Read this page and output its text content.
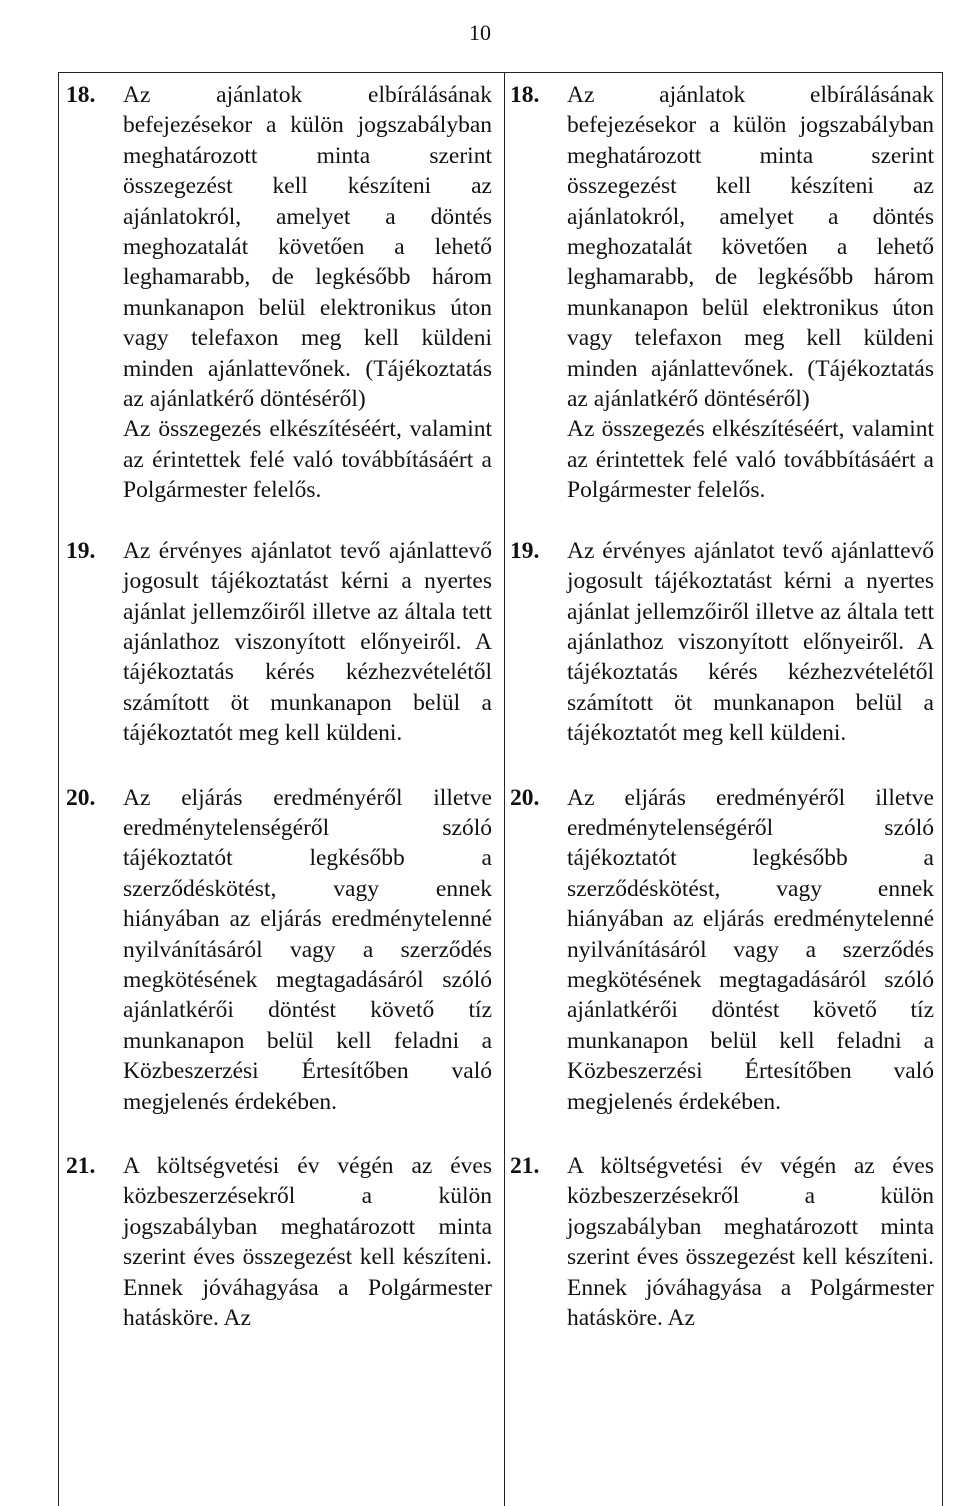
10
18.	Az ajánlatok elbírálásának befejezésekor a külön jogszabályban meghatározott minta szerint összegezést kell készíteni az ajánlatokról, amelyet a döntés meghozatalát követően a lehető leghamarabb, de legkésőbb három munkanapon belül elektronikus úton vagy telefaxon meg kell küldeni minden ajánlattevőnek. (Tájékoztatás az ajánlatkérő döntéséről)

Az összegezés elkészítéséért, valamint az érintettek felé való továbbításáért a Polgármester felelős.

19.	Az érvényes ajánlatot tevő ajánlattevő jogosult tájékoztatást kérni a nyertes ajánlat jellemzőiről illetve az általa tett ajánlathoz viszonyított előnyeiről. A tájékoztatás kérés kézhezvételétől számított öt munkanapon belül a tájékoztatót meg kell küldeni.

20.	Az eljárás eredményéről illetve eredménytelenségéről szóló tájékoztatót legkésőbb a szerződéskötést, vagy ennek hiányában az eljárás eredménytelenné nyilvánításáról vagy a szerződés megkötésének megtagadásáról szóló ajánlatkérői döntést követő tíz munkanapon belül kell feladni a Közbeszerzési Értesítőben való megjelenés érdekében.

21.	A költségvetési év végén az éves közbeszerzésekről a külön jogszabályban meghatározott minta szerint éves összegezést kell készíteni. Ennek jóváhagyása a Polgármester hatásköre. Az

18.	Az ajánlatok elbírálásának befejezésekor a külön jogszabályban meghatározott minta szerint összegezést kell készíteni az ajánlatokról, amelyet a döntés meghozatalát követően a lehető leghamarabb, de legkésőbb három munkanapon belül elektronikus úton vagy telefaxon meg kell küldeni minden ajánlattevőnek. (Tájékoztatás az ajánlatkérő döntéséről)

Az összegezés elkészítéséért, valamint az érintettek felé való továbbításáért a Polgármester felelős.

19.	Az érvényes ajánlatot tevő ajánlattevő jogosult tájékoztatást kérni a nyertes ajánlat jellemzőiről illetve az általa tett ajánlathoz viszonyított előnyeiről. A tájékoztatás kérés kézhezvételétől számított öt munkanapon belül a tájékoztatót meg kell küldeni.

20.	Az eljárás eredményéről illetve eredménytelenségéről szóló tájékoztatót legkésőbb a szerződéskötést, vagy ennek hiányában az eljárás eredménytelenné nyilvánításáról vagy a szerződés megkötésének megtagadásáról szóló ajánlatkérői döntést követő tíz munkanapon belül kell feladni a Közbeszerzési Értesítőben való megjelenés érdekében.

21.	A költségvetési év végén az éves közbeszerzésekről a külön jogszabályban meghatározott minta szerint éves összegezést kell készíteni. Ennek jóváhagyása a Polgármester hatásköre. Az
